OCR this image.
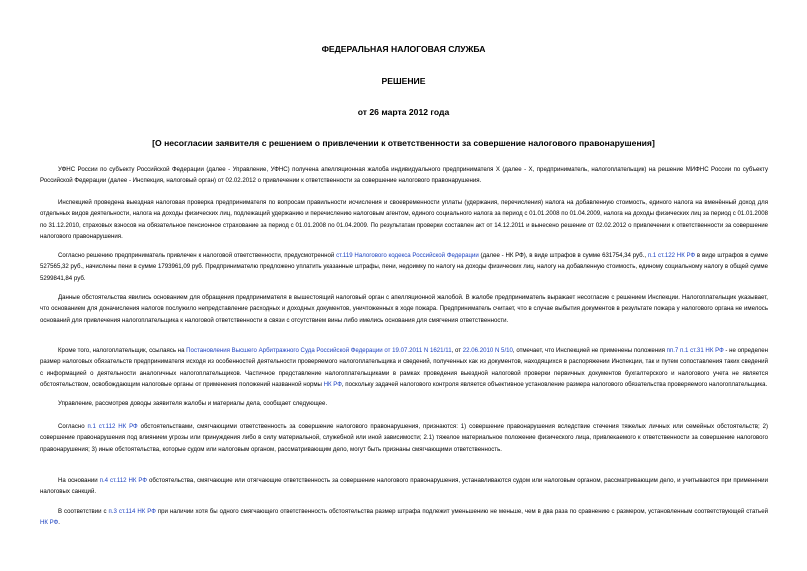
ФЕДЕРАЛЬНАЯ НАЛОГОВАЯ СЛУЖБА
РЕШЕНИЕ
от 26 марта 2012 года
[О несогласии заявителя с решением о привлечении к ответственности за совершение налогового правонарушения]

УФНС России по субъекту Российской Федерации (далее - Управление, УФНС) получена апелляционная жалоба индивидуального предпринимателя Х (далее - Х, предприниматель, налогоплательщик) на решение МИФНС России по субъекту Российской Федерации (далее - Инспекция, налоговый орган) от 02.02.2012 о привлечении к ответственности за совершение налогового правонарушения.

Инспекцией проведена выездная налоговая проверка предпринимателя по вопросам правильности исчисления и своевременности уплаты (удержания, перечисления) налога на добавленную стоимость, единого налога на вменённый доход для отдельных видов деятельности, налога на доходы физических лиц, подлежащий удержанию и перечислению налоговым агентом, единого социального налога за период с 01.01.2008 по 01.04.2009, налога на доходы физических лиц за период с 01.01.2008 по 31.12.2010, страховых взносов на обязательное пенсионное страхование за период с 01.01.2008 по 01.04.2009. По результатам проверки составлен акт от 14.12.2011 и вынесено решение от 02.02.2012 о привлечении к ответственности за совершение налогового правонарушения.

Согласно решению предприниматель привлечен к налоговой ответственности, предусмотренной ст.119 Налогового кодекса Российской Федерации (далее - НК РФ), в виде штрафов в сумме 631754,34 руб., п.1 ст.122 НК РФ в виде штрафов в сумме 527565,32 руб., начислены пени в сумме 1793961,09 руб. Предпринимателю предложено уплатить указанные штрафы, пени, недоимку по налогу на доходы физических лиц, налогу на добавленную стоимость, единому социальному налогу в общей сумме 5299841,84 руб.

Данные обстоятельства явились основанием для обращения предпринимателя в вышестоящий налоговый орган с апелляционной жалобой. В жалобе предприниматель выражает несогласие с решением Инспекции. Налогоплательщик указывает, что основанием для доначисления налогов послужило непредставление расходных и доходных документов, уничтоженных в ходе пожара. Предприниматель считает, что в случае выбытия документов в результате пожара у налогового органа не имелось оснований для привлечения налогоплательщика к налоговой ответственности в связи с отсутствием вины либо имелись основания для смягчения ответственности.

Кроме того, налогоплательщик, ссылаясь на Постановления Высшего Арбитражного Суда Российской Федерации от 19.07.2011 N 1621/11, от 22.06.2010 N 5/10, отмечает, что Инспекцией не применены положения пп.7 п.1 ст.31 НК РФ - не определен размер налоговых обязательств предпринимателя исходя из особенностей деятельности проверяемого налогоплательщика и сведений, полученных как из документов, находящихся в распоряжении Инспекции, так и путем сопоставления таких сведений с информацией о деятельности аналогичных налогоплательщиков. Частичное представление налогоплательщиками в рамках проведения выездной налоговой проверки первичных документов бухгалтерского и налогового учета не является обстоятельством, освобождающим налоговые органы от применения положений названной нормы НК РФ, поскольку задачей налогового контроля является объективное установление размера налогового обязательства проверяемого налогоплательщика.

Управление, рассмотрев доводы заявителя жалобы и материалы дела, сообщает следующее.

Согласно п.1 ст.112 НК РФ обстоятельствами, смягчающими ответственность за совершение налогового правонарушения, признаются: 1) совершение правонарушения вследствие стечения тяжелых личных или семейных обстоятельств; 2) совершение правонарушения под влиянием угрозы или принуждения либо в силу материальной, служебной или иной зависимости; 2.1) тяжелое материальное положение физического лица, привлекаемого к ответственности за совершение налогового правонарушения; 3) иные обстоятельства, которые судом или налоговым органом, рассматривающим дело, могут быть признаны смягчающими ответственность.

На основании п.4 ст.112 НК РФ обстоятельства, смягчающие или отягчающие ответственность за совершение налогового правонарушения, устанавливаются судом или налоговым органом, рассматривающим дело, и учитываются при применении налоговых санкций.

В соответствии с п.3 ст.114 НК РФ при наличии хотя бы одного смягчающего ответственность обстоятельства размер штрафа подлежит уменьшению не меньше, чем в два раза по сравнению с размером, установленным соответствующей статьей НК РФ.
